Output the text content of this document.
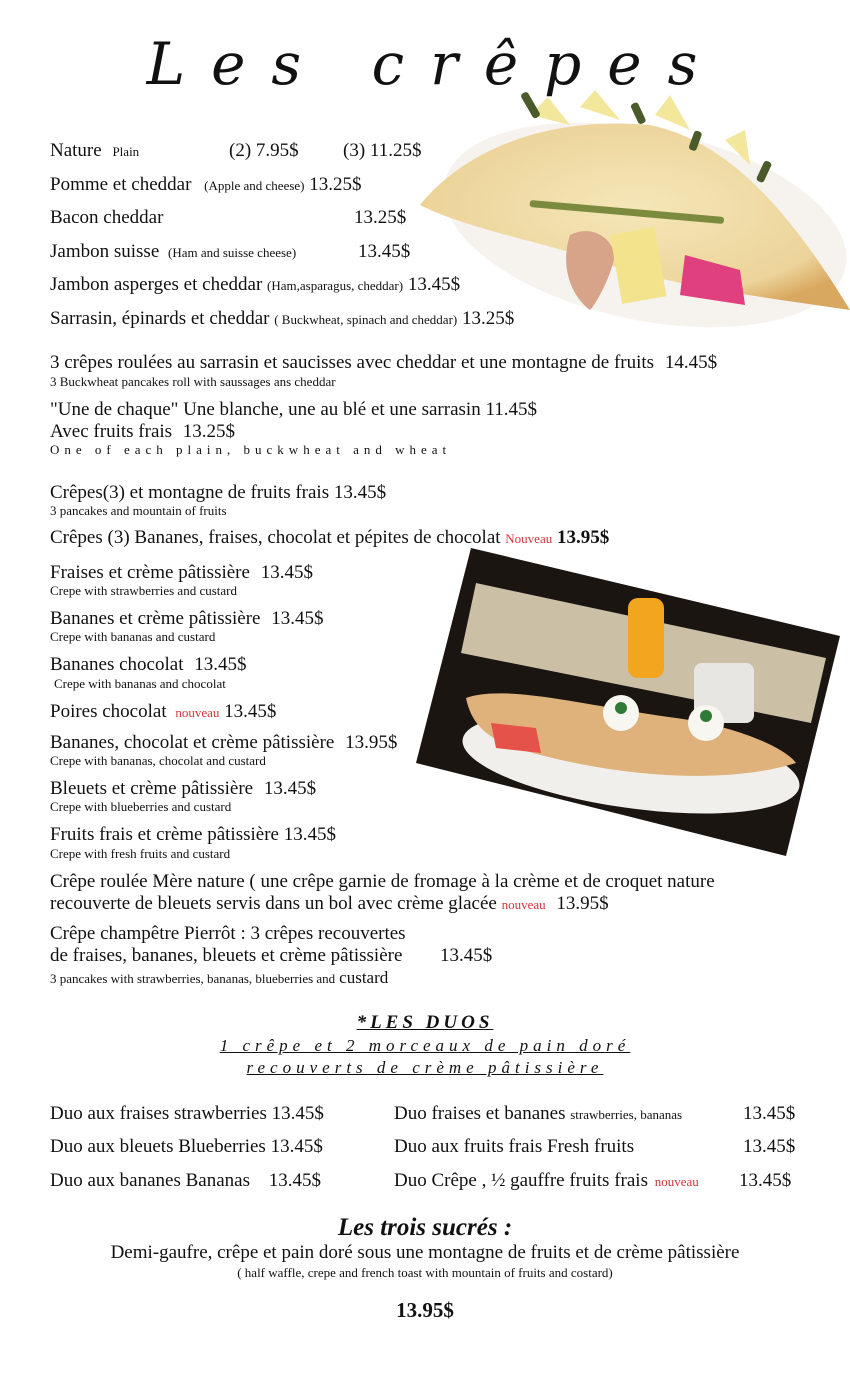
Les crêpes
Nature Plain	(2) 7.95$ (3) 11.25$
Pomme et cheddar (Apple and cheese) 13.25$
Bacon cheddar	13.25$
Jambon suisse (Ham and suisse cheese)	13.45$
Jambon asperges et cheddar (Ham,asparagus, cheddar) 13.45$
Sarrasin, épinards et cheddar ( Buckwheat, spinach and cheddar) 13.25$
3 crêpes roulées au sarrasin et saucisses avec cheddar et une montagne de fruits 14.45$
3 Buckwheat pancakes roll with saussages ans cheddar
"Une de chaque" Une blanche, une au blé et une sarrasin 11.45$
Avec fruits frais 13.25$
One of each plain, buckwheat and wheat
Crêpes(3) et montagne de fruits frais 13.45$
3 pancakes and mountain of fruits
Crêpes (3) Bananes, fraises, chocolat et pépites de chocolat Nouveau 13.95$
Fraises et crème pâtissière 13.45$
Crepe with strawberries and custard
Bananes et crème pâtissière 13.45$
Crepe with bananas and custard
Bananes chocolat 13.45$
Crepe with bananas and chocolat
Poires chocolat nouveau 13.45$
Bananes, chocolat et crème pâtissière 13.95$
Crepe with bananas, chocolat and custard
Bleuets et crème pâtissière 13.45$
Crepe with blueberries and custard
Fruits frais et crème pâtissière 13.45$
Crepe with fresh fruits and custard
Crêpe roulée Mère nature ( une crêpe garnie de fromage à la crème et de croquet nature
recouverte de bleuets servis dans un bol avec crème glacée nouveau 13.95$
Crêpe champêtre Pierrôt : 3 crêpes recouvertes
de fraises, bananes, bleuets et crème pâtissière 13.45$
3 pancakes with strawberries, bananas, blueberries and custard
*LES DUOS
1 crêpe et 2 morceaux de pain doré
recouverts de crème pâtissière
Duo aux fraises strawberries 13.45$
Duo aux bleuets Blueberries 13.45$
Duo aux bananes Bananas 13.45$
Duo fraises et bananes strawberries, bananas	13.45$
Duo aux fruits frais Fresh fruits	13.45$
Duo Crêpe , ½ gauffre fruits frais nouveau 13.45$
Les trois sucrés :
Demi-gaufre, crêpe et pain doré sous une montagne de fruits et de crème pâtissière
( half waffle, crepe and french toast with mountain of fruits and costard)
13.95$
